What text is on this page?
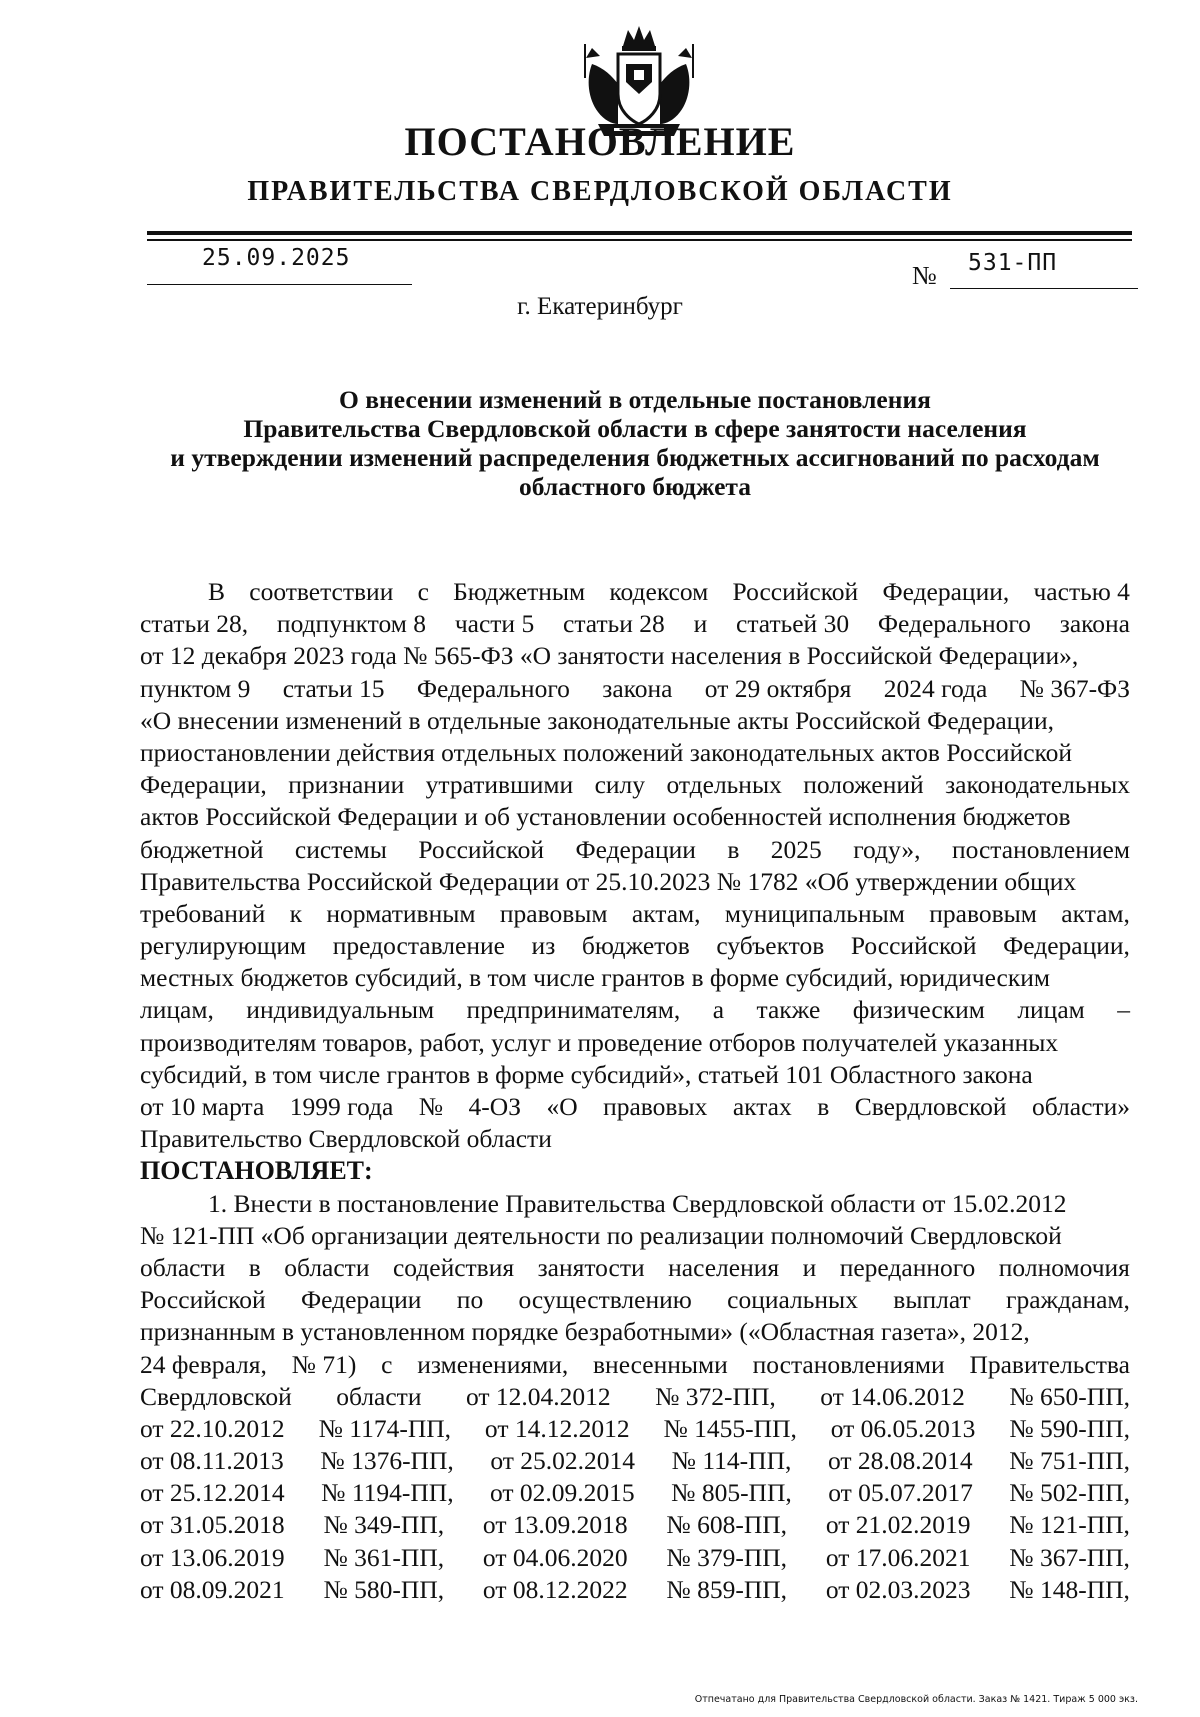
ПОСТАНОВЛЕНИЕ
ПРАВИТЕЛЬСТВА СВЕРДЛОВСКОЙ ОБЛАСТИ
25.09.2025
№ 531-ПП
г. Екатеринбург
О внесении изменений в отдельные постановления
Правительства Свердловской области в сфере занятости населения
и утверждении изменений распределения бюджетных ассигнований по расходам
областного бюджета
В соответствии с Бюджетным кодексом Российской Федерации, частью 4
статьи 28, подпунктом 8 части 5 статьи 28 и статьей 30 Федерального закона
от 12 декабря 2023 года № 565-ФЗ «О занятости населения в Российской Федерации»,
пунктом 9 статьи 15 Федерального закона от 29 октября 2024 года № 367-ФЗ
«О внесении изменений в отдельные законодательные акты Российской Федерации,
приостановлении действия отдельных положений законодательных актов Российской
Федерации, признании утратившими силу отдельных положений законодательных
актов Российской Федерации и об установлении особенностей исполнения бюджетов
бюджетной системы Российской Федерации в 2025 году», постановлением
Правительства Российской Федерации от 25.10.2023 № 1782 «Об утверждении общих
требований к нормативным правовым актам, муниципальным правовым актам,
регулирующим предоставление из бюджетов субъектов Российской Федерации,
местных бюджетов субсидий, в том числе грантов в форме субсидий, юридическим
лицам, индивидуальным предпринимателям, а также физическим лицам –
производителям товаров, работ, услуг и проведение отборов получателей указанных
субсидий, в том числе грантов в форме субсидий», статьей 101 Областного закона
от 10 марта 1999 года № 4-ОЗ «О правовых актах в Свердловской области»
Правительство Свердловской области
ПОСТАНОВЛЯЕТ:
1. Внести в постановление Правительства Свердловской области от 15.02.2012
№ 121-ПП «Об организации деятельности по реализации полномочий Свердловской
области в области содействия занятости населения и переданного полномочия
Российской Федерации по осуществлению социальных выплат гражданам,
признанным в установленном порядке безработными» («Областная газета», 2012,
24 февраля, № 71) с изменениями, внесенными постановлениями Правительства
Свердловской области от 12.04.2012 № 372-ПП, от 14.06.2012 № 650-ПП,
от 22.10.2012 № 1174-ПП, от 14.12.2012 № 1455-ПП, от 06.05.2013 № 590-ПП,
от 08.11.2013 № 1376-ПП, от 25.02.2014 № 114-ПП, от 28.08.2014 № 751-ПП,
от 25.12.2014 № 1194-ПП, от 02.09.2015 № 805-ПП, от 05.07.2017 № 502-ПП,
от 31.05.2018 № 349-ПП, от 13.09.2018 № 608-ПП, от 21.02.2019 № 121-ПП,
от 13.06.2019 № 361-ПП, от 04.06.2020 № 379-ПП, от 17.06.2021 № 367-ПП,
от 08.09.2021 № 580-ПП, от 08.12.2022 № 859-ПП, от 02.03.2023 № 148-ПП,
Отпечатано для Правительства Свердловской области. Заказ № 1421. Тираж 5 000 экз.
